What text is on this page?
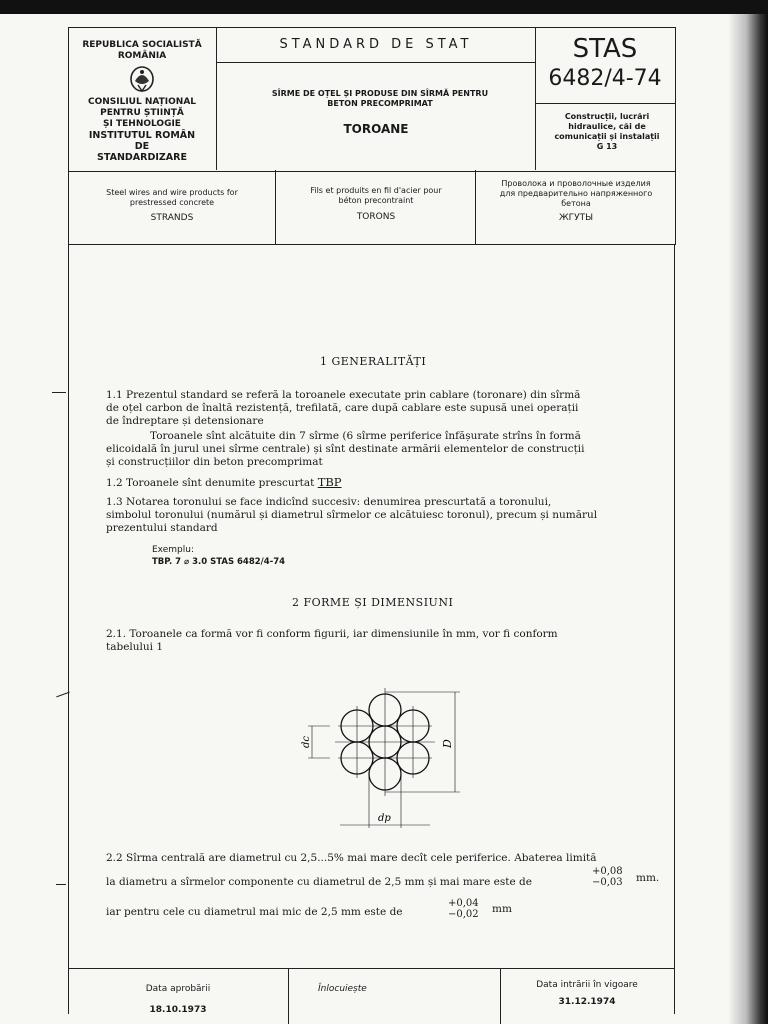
REPUBLICA SOCIALISTĂ
ROMÂNIA
CONSILIUL NAȚIONAL
PENTRU ȘTIINȚĂ
ȘI TEHNOLOGIE
INSTITUTUL ROMÂN
DE
STANDARDIZARE
STANDARD DE STAT
SÎRME DE OȚEL ȘI PRODUSE DIN SÎRMĂ PENTRU
BETON PRECOMPRIMAT
TOROANE
STAS
6482/4-74
Construcții, lucrări
hidraulice, căi de
comunicații și instalații
G 13
Steel wires and wire products for
prestressed concrete
STRANDS
Fils et produits en fil d'acier pour
béton precontraint
TORONS
Проволока и проволочные изделия
для предварительно напряженного
бетона
ЖГУТЫ
1 GENERALITĂȚI
1.1 Prezentul standard se referă la toroanele executate prin cablare (toronare) din sîrmă
de oțel carbon de înaltă rezistență, trefilată, care după cablare este supusă unei operații
de îndreptare și detensionare
Toroanele sînt alcătuite din 7 sîrme (6 sîrme periferice înfășurate strîns în formă
elicoidală în jurul unei sîrme centrale) și sînt destinate armării elementelor de construcții
și construcțiilor din beton precomprimat
1.2 Toroanele sînt denumite prescurtat TBP
1.3 Notarea toronului se face indicînd succesiv: denumirea prescurtată a toronului,
simbolul toronului (numărul și diametrul sîrmelor ce alcătuiesc toronul), precum și numărul
prezentului standard
Exemplu:
TBP. 7 ⌀ 3.0 STAS 6482/4-74
2 FORME ȘI DIMENSIUNI
2.1. Toroanele ca formă vor fi conform figurii, iar dimensiunile în mm, vor fi conform
tabelului 1
dc	D
dp
2.2 Sîrma centrală are diametrul cu 2,5...5% mai mare decît cele periferice. Abaterea limită
la diametru a sîrmelor componente cu diametrul de 2,5 mm și mai mare este de
+0,08
−0,03	mm.
iar pentru cele cu diametrul mai mic de 2,5 mm este de
+0,04
−0,02	mm
Data aprobării
18.10.1973
Înlocuiește	Data intrării în vigoare
31.12.1974
